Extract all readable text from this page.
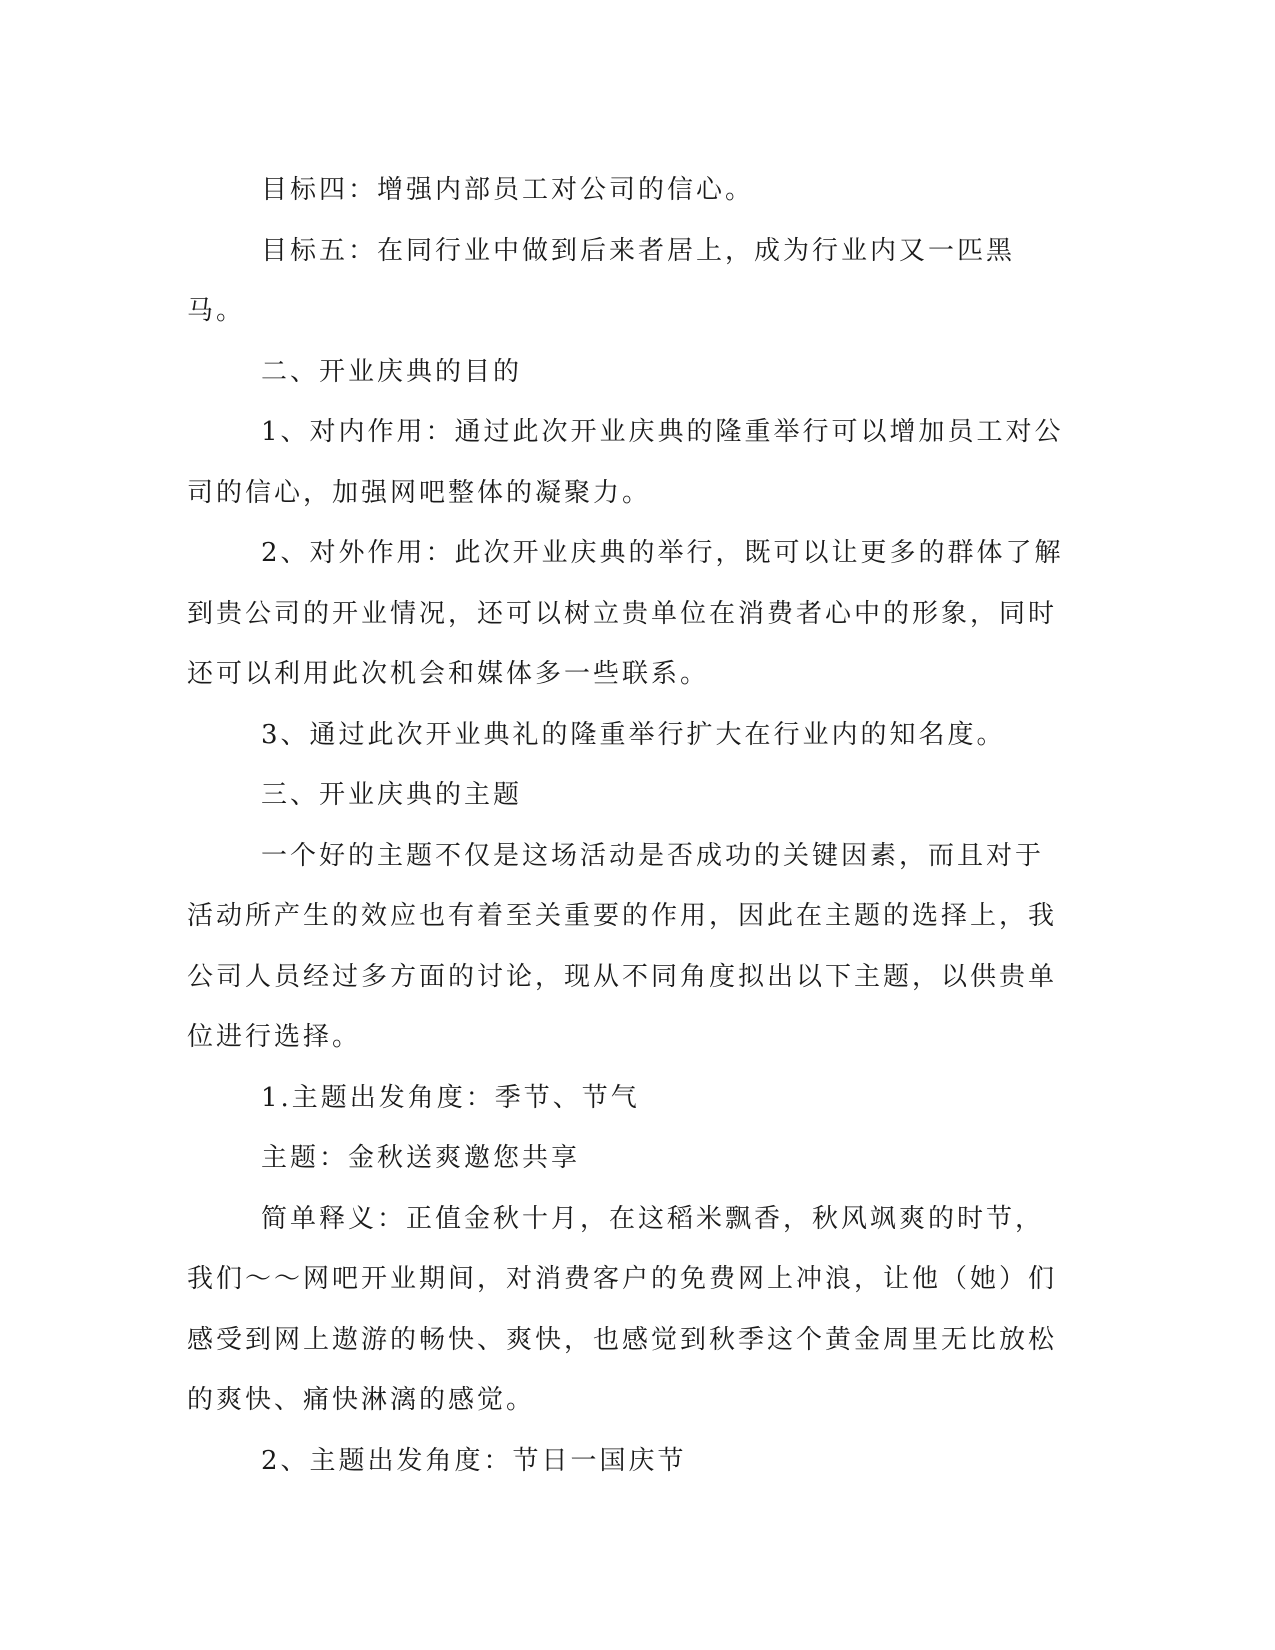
目标四：增强内部员工对公司的信心。

目标五：在同行业中做到后来者居上，成为行业内又一匹黑马。

二、开业庆典的目的

1、对内作用：通过此次开业庆典的隆重举行可以增加员工对公司的信心，加强网吧整体的凝聚力。

2、对外作用：此次开业庆典的举行，既可以让更多的群体了解到贵公司的开业情况，还可以树立贵单位在消费者心中的形象，同时还可以利用此次机会和媒体多一些联系。

3、通过此次开业典礼的隆重举行扩大在行业内的知名度。

三、开业庆典的主题

一个好的主题不仅是这场活动是否成功的关键因素，而且对于活动所产生的效应也有着至关重要的作用，因此在主题的选择上，我公司人员经过多方面的讨论，现从不同角度拟出以下主题，以供贵单位进行选择。

1.主题出发角度：季节、节气

主题：金秋送爽邀您共享

简单释义：正值金秋十月，在这稻米飘香，秋风飒爽的时节，我们～～网吧开业期间，对消费客户的免费网上冲浪，让他（她）们感受到网上遨游的畅快、爽快，也感觉到秋季这个黄金周里无比放松的爽快、痛快淋漓的感觉。

2、主题出发角度：节日一国庆节
